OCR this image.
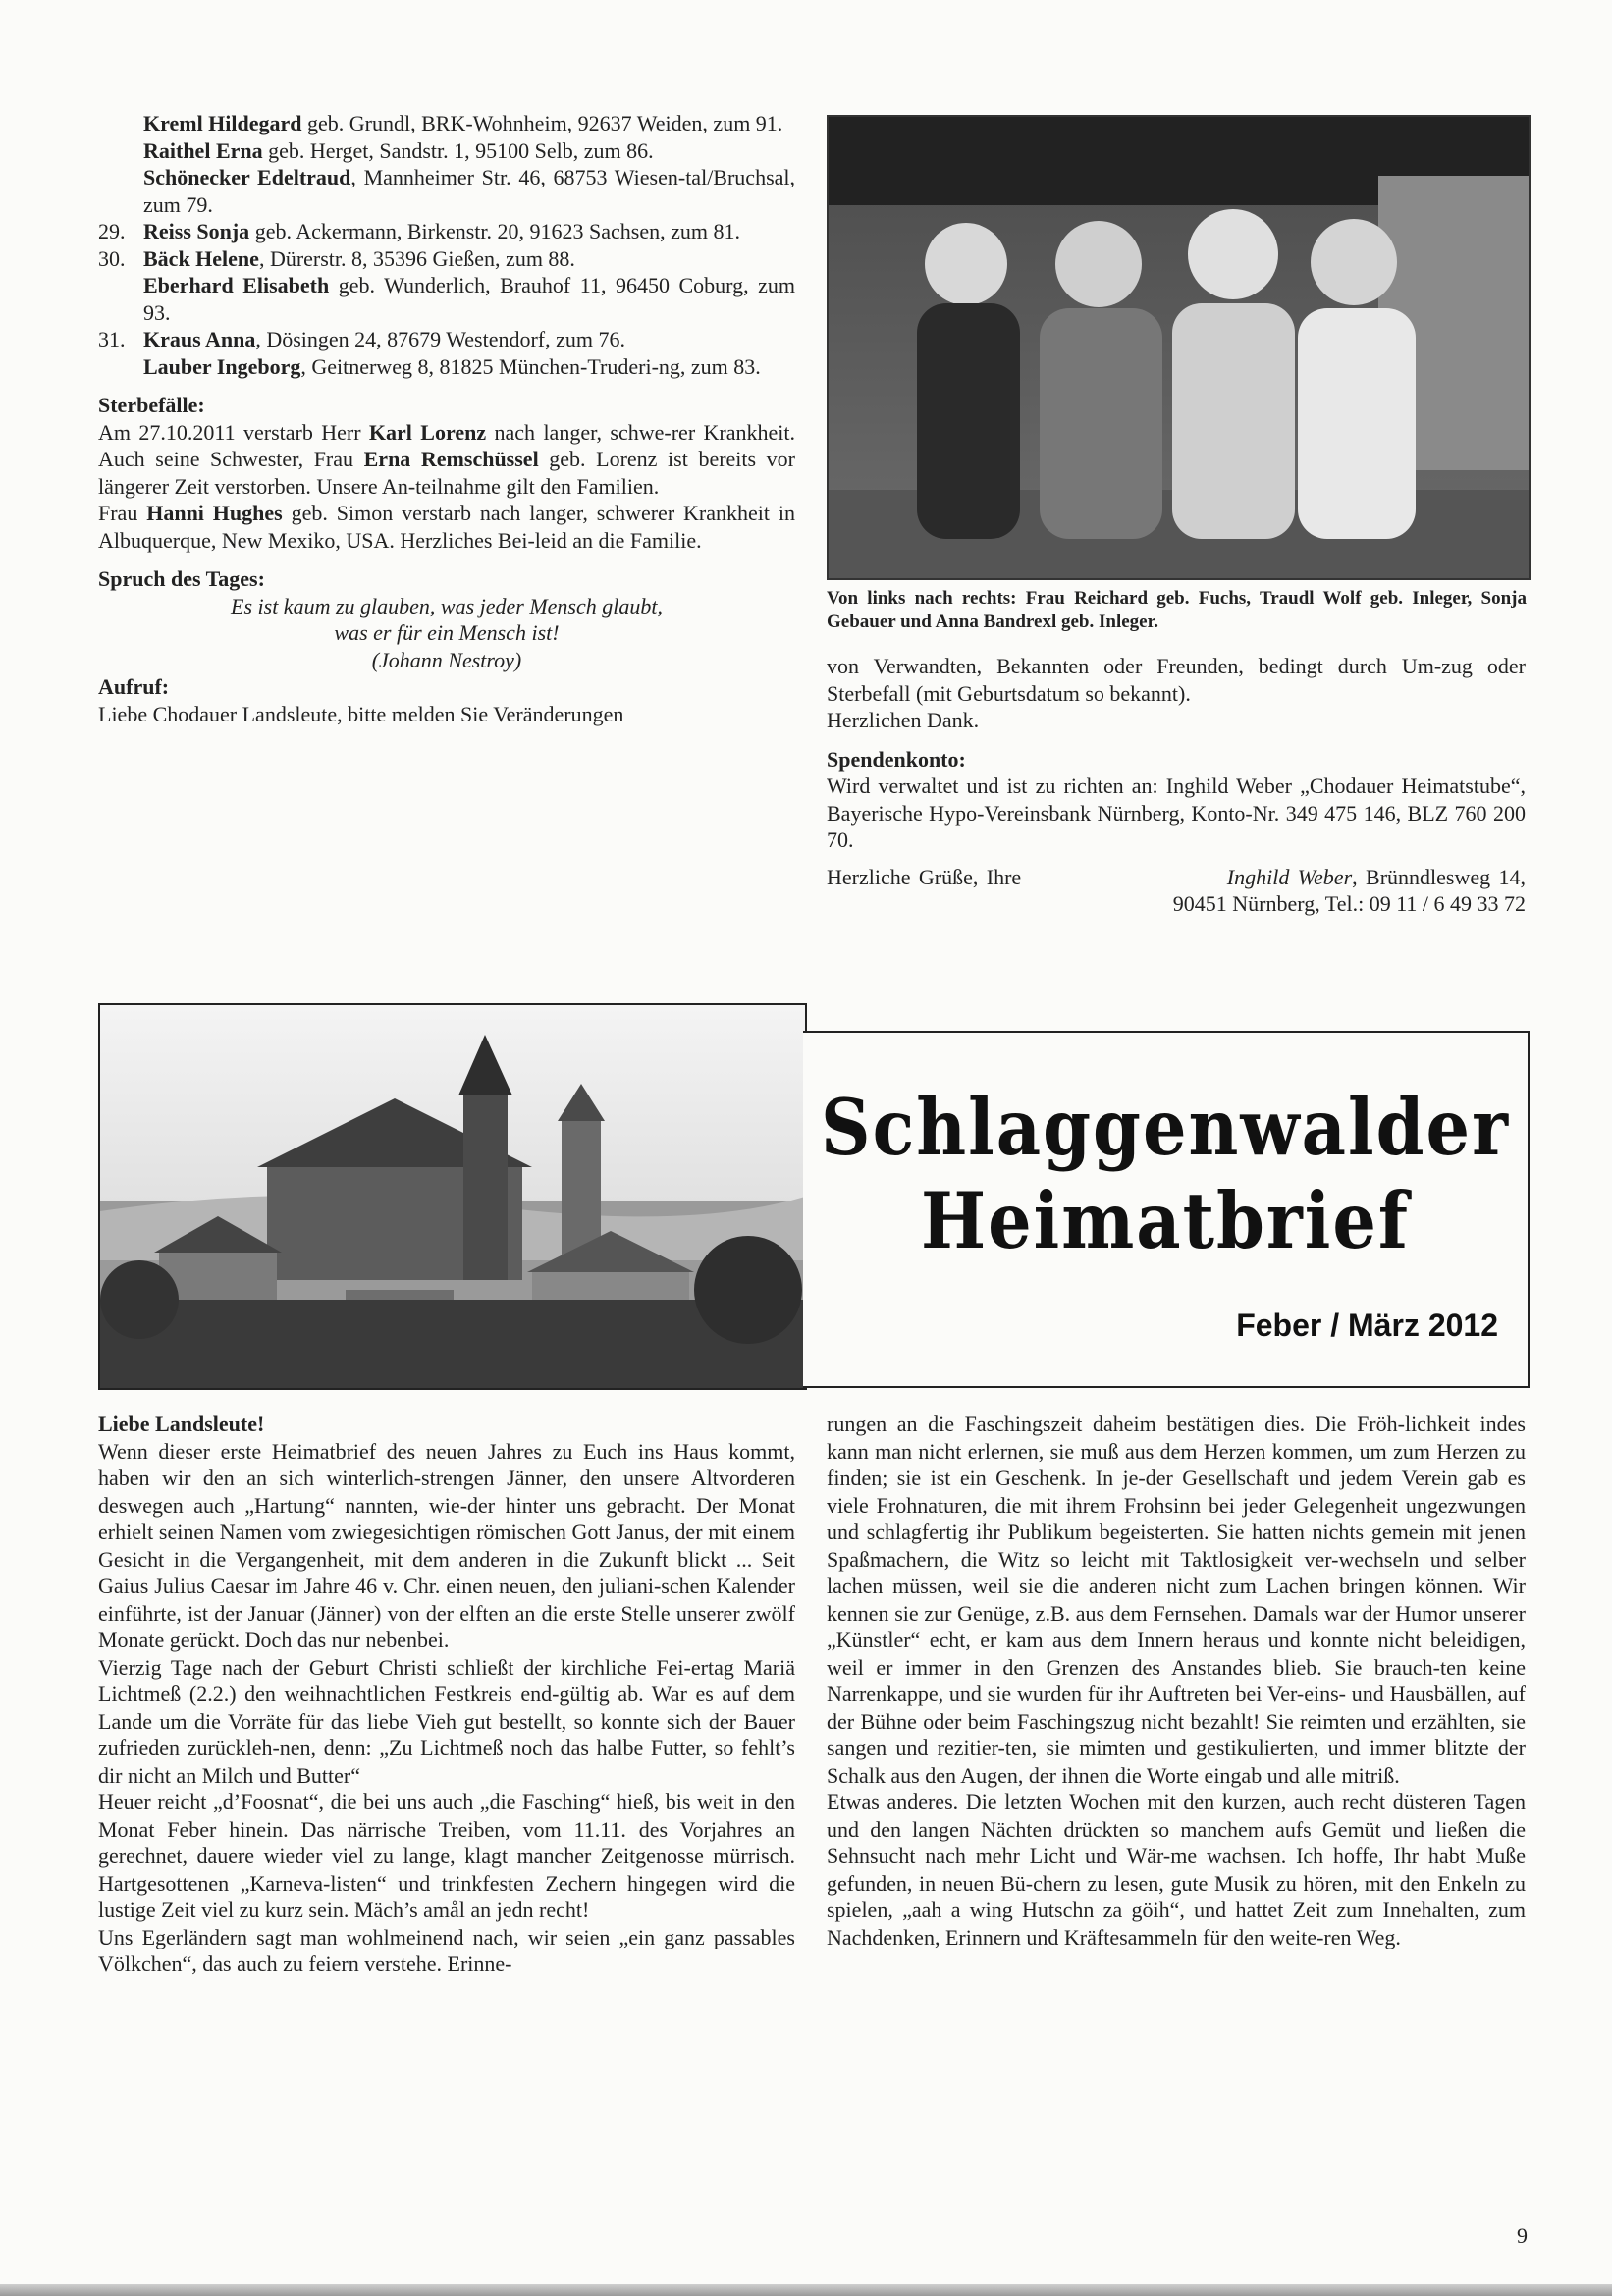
Kreml Hildegard geb. Grundl, BRK-Wohnheim, 92637 Weiden, zum 91.

Raithel Erna geb. Herget, Sandstr. 1, 95100 Selb, zum 86.

Schönecker Edeltraud, Mannheimer Str. 46, 68753 Wiesen-tal/Bruchsal, zum 79.

29. Reiss Sonja geb. Ackermann, Birkenstr. 20, 91623 Sachsen, zum 81.

30. Bäck Helene, Dürerstr. 8, 35396 Gießen, zum 88.

Eberhard Elisabeth geb. Wunderlich, Brauhof 11, 96450 Coburg, zum 93.

31. Kraus Anna, Dösingen 24, 87679 Westendorf, zum 76.

Lauber Ingeborg, Geitnerweg 8, 81825 München-Truderi-ng, zum 83.

Sterbefälle:

Am 27.10.2011 verstarb Herr Karl Lorenz nach langer, schwe-rer Krankheit. Auch seine Schwester, Frau Erna Remschüssel geb. Lorenz ist bereits vor längerer Zeit verstorben. Unsere An-teilnahme gilt den Familien.

Frau Hanni Hughes geb. Simon verstarb nach langer, schwerer Krankheit in Albuquerque, New Mexiko, USA. Herzliches Bei-leid an die Familie.

Spruch des Tages:

Es ist kaum zu glauben, was jeder Mensch glaubt,

was er für ein Mensch ist!

(Johann Nestroy)

Aufruf:

Liebe Chodauer Landsleute, bitte melden Sie Veränderungen

Von links nach rechts: Frau Reichard geb. Fuchs, Traudl Wolf geb. Inleger, Sonja Gebauer und Anna Bandrexl geb. Inleger.

von Verwandten, Bekannten oder Freunden, bedingt durch Um-zug oder Sterbefall (mit Geburtsdatum so bekannt).

Herzlichen Dank.

Spendenkonto:

Wird verwaltet und ist zu richten an: Inghild Weber „Chodauer Heimatstube“, Bayerische Hypo-Vereinsbank Nürnberg, Konto-Nr. 349 475 146, BLZ 760 200 70.

Herzliche Grüße, Ihre	Inghild Weber, Brünndlesweg 14,

90451 Nürnberg, Tel.: 09 11 / 6 49 33 72

Schlaggenwalder
Heimatbrief
Feber / März 2012

Liebe Landsleute!

Wenn dieser erste Heimatbrief des neuen Jahres zu Euch ins Haus kommt, haben wir den an sich winterlich-strengen Jänner, den unsere Altvorderen deswegen auch „Hartung“ nannten, wie-der hinter uns gebracht. Der Monat erhielt seinen Namen vom zwiegesichtigen römischen Gott Janus, der mit einem Gesicht in die Vergangenheit, mit dem anderen in die Zukunft blickt ... Seit Gaius Julius Caesar im Jahre 46 v. Chr. einen neuen, den juliani-schen Kalender einführte, ist der Januar (Jänner) von der elften an die erste Stelle unserer zwölf Monate gerückt. Doch das nur nebenbei.

Vierzig Tage nach der Geburt Christi schließt der kirchliche Fei-ertag Mariä Lichtmeß (2.2.) den weihnachtlichen Festkreis end-gültig ab. War es auf dem Lande um die Vorräte für das liebe Vieh gut bestellt, so konnte sich der Bauer zufrieden zurücklеh-nen, denn: „Zu Lichtmeß noch das halbe Futter, so fehlt’s dir nicht an Milch und Butter“

Heuer reicht „d’Foosnat“, die bei uns auch „die Fasching“ hieß, bis weit in den Monat Feber hinein. Das närrische Treiben, vom 11.11. des Vorjahres an gerechnet, dauere wieder viel zu lange, klagt mancher Zeitgenosse mürrisch. Hartgesottenen „Karneva-listen“ und trinkfesten Zechern hingegen wird die lustige Zeit viel zu kurz sein. Mäch’s amål an jedn recht!

Uns Egerländern sagt man wohlmeinend nach, wir seien „ein ganz passables Völkchen“, das auch zu feiern verstehe. Erinne-

rungen an die Faschingszeit daheim bestätigen dies. Die Fröh-lichkeit indes kann man nicht erlernen, sie muß aus dem Herzen kommen, um zum Herzen zu finden; sie ist ein Geschenk. In je-der Gesellschaft und jedem Verein gab es viele Frohnaturen, die mit ihrem Frohsinn bei jeder Gelegenheit ungezwungen und schlagfertig ihr Publikum begeisterten. Sie hatten nichts gemein mit jenen Spaßmachern, die Witz so leicht mit Taktlosigkeit ver-wechseln und selber lachen müssen, weil sie die anderen nicht zum Lachen bringen können. Wir kennen sie zur Genüge, z.B. aus dem Fernsehen. Damals war der Humor unserer „Künstler“ echt, er kam aus dem Innern heraus und konnte nicht beleidigen, weil er immer in den Grenzen des Anstandes blieb. Sie brauch-ten keine Narrenkappe, und sie wurden für ihr Auftreten bei Ver-eins- und Hausbällen, auf der Bühne oder beim Faschingszug nicht bezahlt! Sie reimten und erzählten, sie sangen und rezitier-ten, sie mimten und gestikulierten, und immer blitzte der Schalk aus den Augen, der ihnen die Worte eingab und alle mitriß.

Etwas anderes. Die letzten Wochen mit den kurzen, auch recht düsteren Tagen und den langen Nächten drückten so manchem aufs Gemüt und ließen die Sehnsucht nach mehr Licht und Wär-me wachsen. Ich hoffe, Ihr habt Muße gefunden, in neuen Bü-chern zu lesen, gute Musik zu hören, mit den Enkeln zu spielen, „aah a wing Hutschn za göih“, und hattet Zeit zum Innehalten, zum Nachdenken, Erinnern und Kräftesammeln für den weite-ren Weg.

9
